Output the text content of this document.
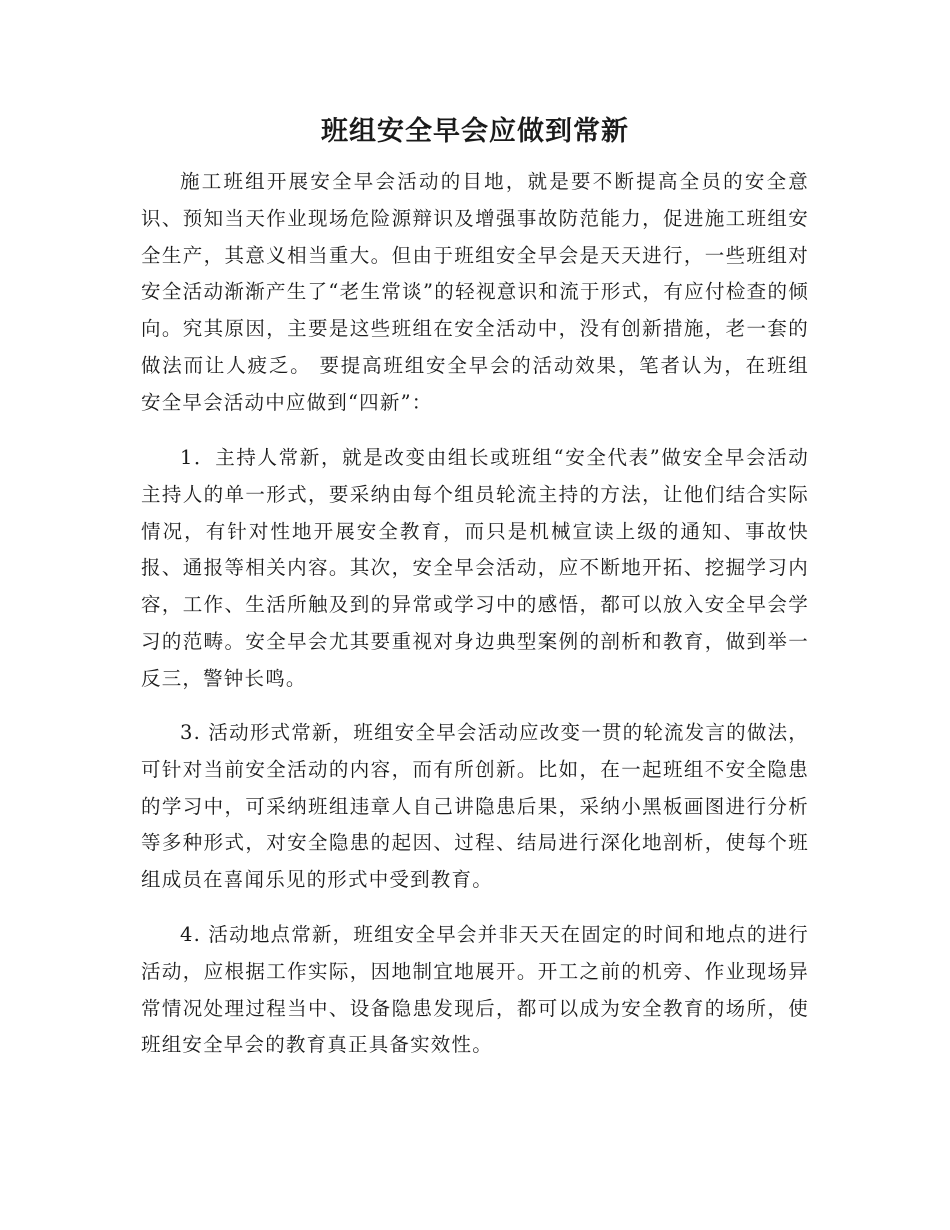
班组安全早会应做到常新

施工班组开展安全早会活动的目地，就是要不断提高全员的安全意识、预知当天作业现场危险源辩识及增强事故防范能力，促进施工班组安全生产，其意义相当重大。但由于班组安全早会是天天进行，一些班组对安全活动渐渐产生了“老生常谈”的轻视意识和流于形式，有应付检查的倾向。究其原因，主要是这些班组在安全活动中，没有创新措施，老一套的做法而让人疲乏。 要提高班组安全早会的活动效果，笔者认为，在班组安全早会活动中应做到“四新”：

1．主持人常新，就是改变由组长或班组“安全代表”做安全早会活动主持人的单一形式，要采纳由每个组员轮流主持的方法，让他们结合实际情况，有针对性地开展安全教育，而只是机械宣读上级的通知、事故快报、通报等相关内容。其次，安全早会活动，应不断地开拓、挖掘学习内容，工作、生活所触及到的异常或学习中的感悟，都可以放入安全早会学习的范畴。安全早会尤其要重视对身边典型案例的剖析和教育，做到举一反三，警钟长鸣。

3. 活动形式常新，班组安全早会活动应改变一贯的轮流发言的做法，可针对当前安全活动的内容，而有所创新。比如，在一起班组不安全隐患的学习中，可采纳班组违章人自己讲隐患后果，采纳小黑板画图进行分析等多种形式，对安全隐患的起因、过程、结局进行深化地剖析，使每个班组成员在喜闻乐见的形式中受到教育。

4. 活动地点常新，班组安全早会并非天天在固定的时间和地点的进行活动，应根据工作实际，因地制宜地展开。开工之前的机旁、作业现场异常情况处理过程当中、设备隐患发现后，都可以成为安全教育的场所，使班组安全早会的教育真正具备实效性。
